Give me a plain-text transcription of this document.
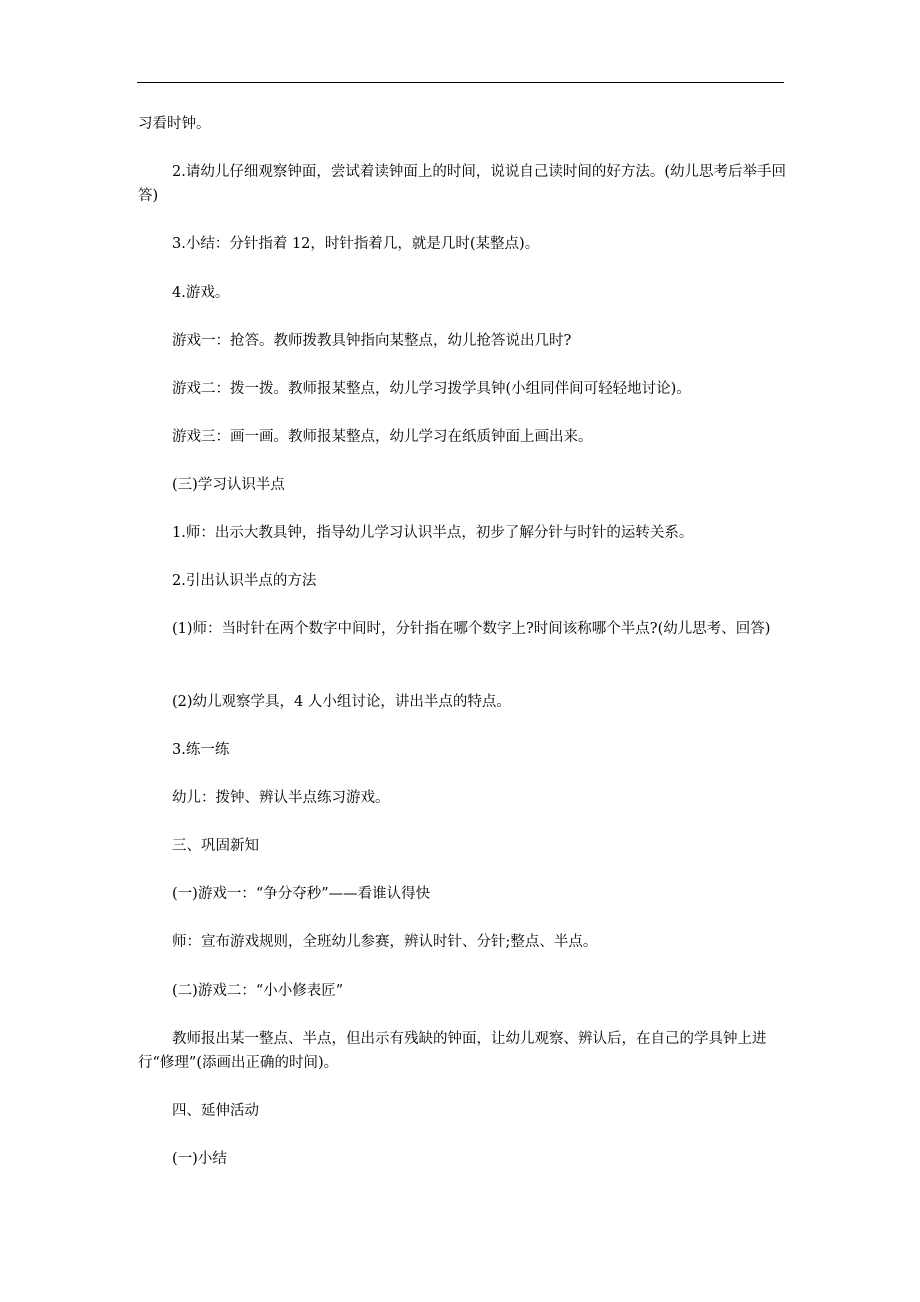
习看时钟。

2.请幼儿仔细观察钟面，尝试着读钟面上的时间，说说自己读时间的好方法。(幼儿思考后举手回答)

3.小结：分针指着 12，时针指着几，就是几时(某整点)。

4.游戏。

游戏一：抢答。教师拨教具钟指向某整点，幼儿抢答说出几时?

游戏二：拨一拨。教师报某整点，幼儿学习拨学具钟(小组同伴间可轻轻地讨论)。

游戏三：画一画。教师报某整点，幼儿学习在纸质钟面上画出来。

(三)学习认识半点

1.师：出示大教具钟，指导幼儿学习认识半点，初步了解分针与时针的运转关系。

2.引出认识半点的方法

(1)师：当时针在两个数字中间时，分针指在哪个数字上?时间该称哪个半点?(幼儿思考、回答)

(2)幼儿观察学具，4 人小组讨论，讲出半点的特点。

3.练一练

幼儿：拨钟、辨认半点练习游戏。

三、巩固新知

(一)游戏一：“争分夺秒”——看谁认得快

师：宣布游戏规则，全班幼儿参赛，辨认时针、分针;整点、半点。

(二)游戏二：“小小修表匠”

教师报出某一整点、半点，但出示有残缺的钟面，让幼儿观察、辨认后，在自己的学具钟上进行“修理”(添画出正确的时间)。

四、延伸活动

(一)小结
